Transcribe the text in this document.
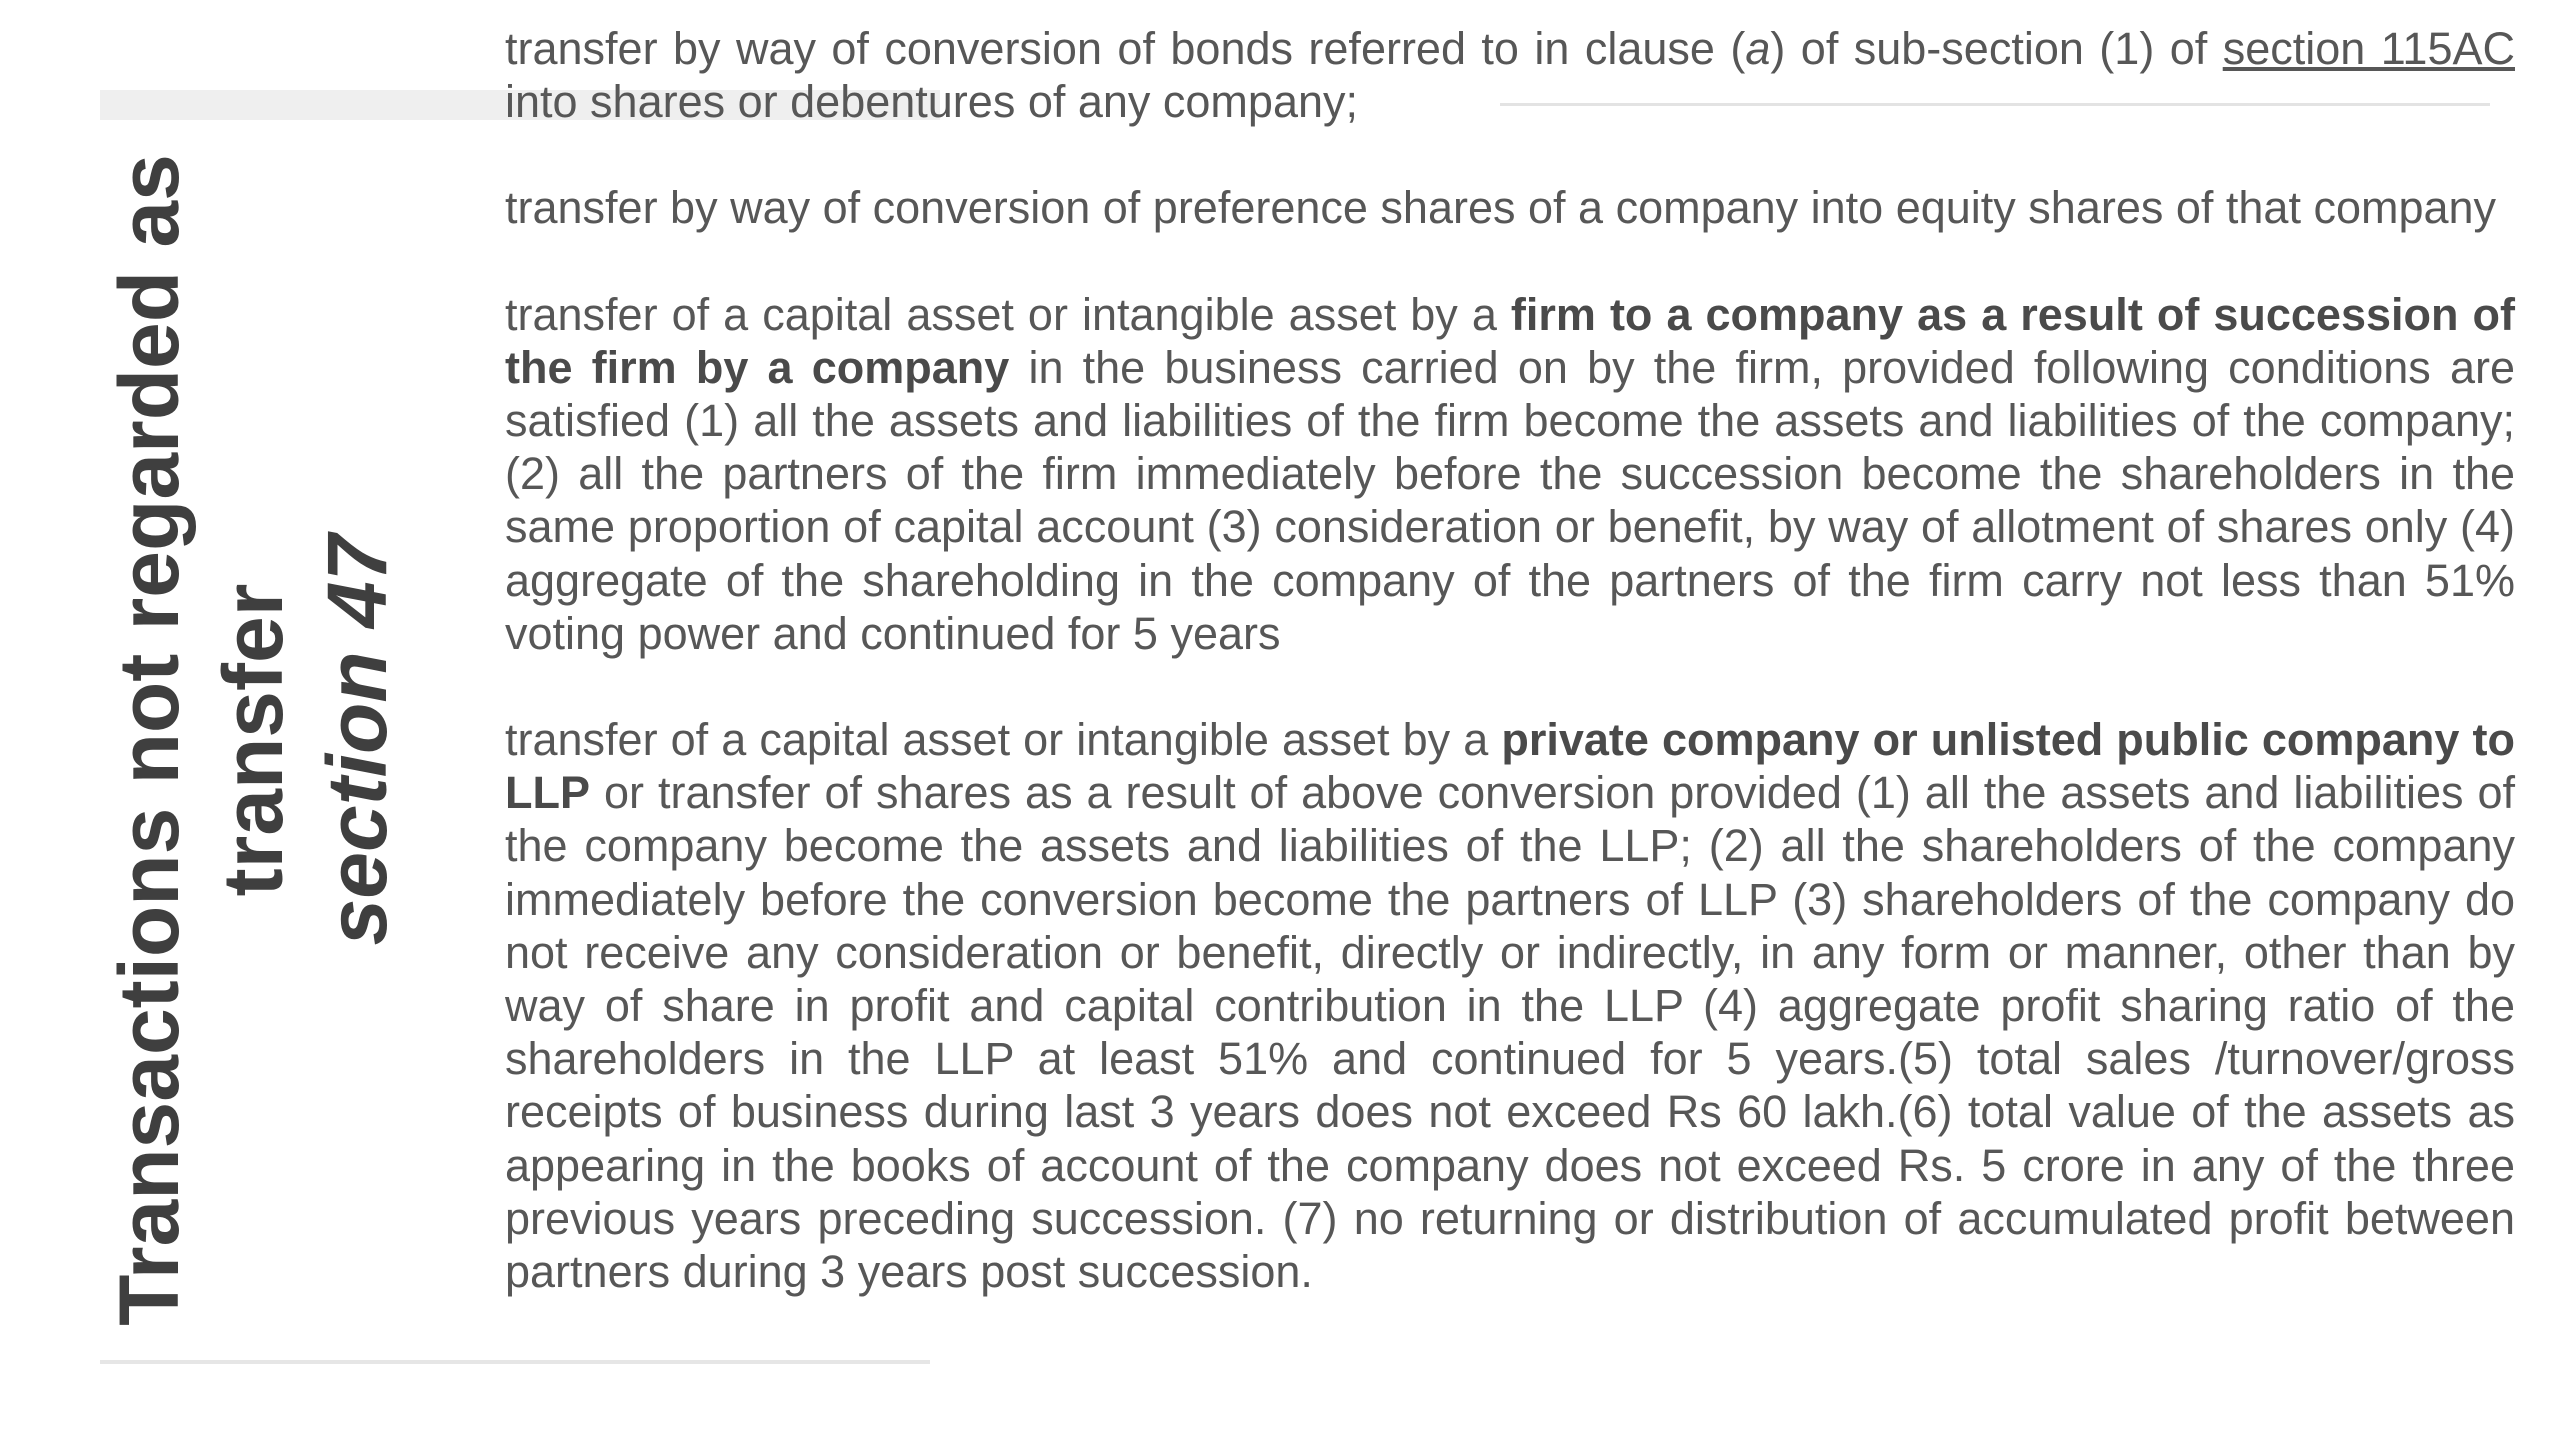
Transactions not regarded as transfer section 47

transfer by way of conversion of bonds referred to in clause (a) of sub-section (1) of section 115AC into shares or debentures of any company;

transfer by way of conversion of preference shares of a company into equity shares of that company

transfer of a capital asset or intangible asset by a firm to a company as a result of succession of the firm by a company in the business carried on by the firm, provided following conditions are satisfied (1) all the assets and liabilities of the firm become the assets and liabilities of the company; (2) all the partners of the firm immediately before the succession become the shareholders in the same proportion of capital account (3) consideration or benefit, by way of allotment of shares only (4) aggregate of the shareholding in the company of the partners of the firm carry not less than 51% voting power and continued for 5 years

transfer of a capital asset or intangible asset by a private company or unlisted public company to LLP or transfer of shares as a result of above conversion provided (1) all the assets and liabilities of the company become the assets and liabilities of the LLP; (2) all the shareholders of the company immediately before the conversion become the partners of LLP (3) shareholders of the company do not receive any consideration or benefit, directly or indirectly, in any form or manner, other than by way of share in profit and capital contribution in the LLP (4) aggregate profit sharing ratio of the shareholders in the LLP at least 51% and continued for 5 years.(5) total sales /turnover/gross receipts of business during last 3 years does not exceed Rs 60 lakh.(6) total value of the assets as appearing in the books of account of the company does not exceed Rs. 5 crore in any of the three previous years preceding succession. (7) no returning or distribution of accumulated profit between partners during 3 years post succession.
